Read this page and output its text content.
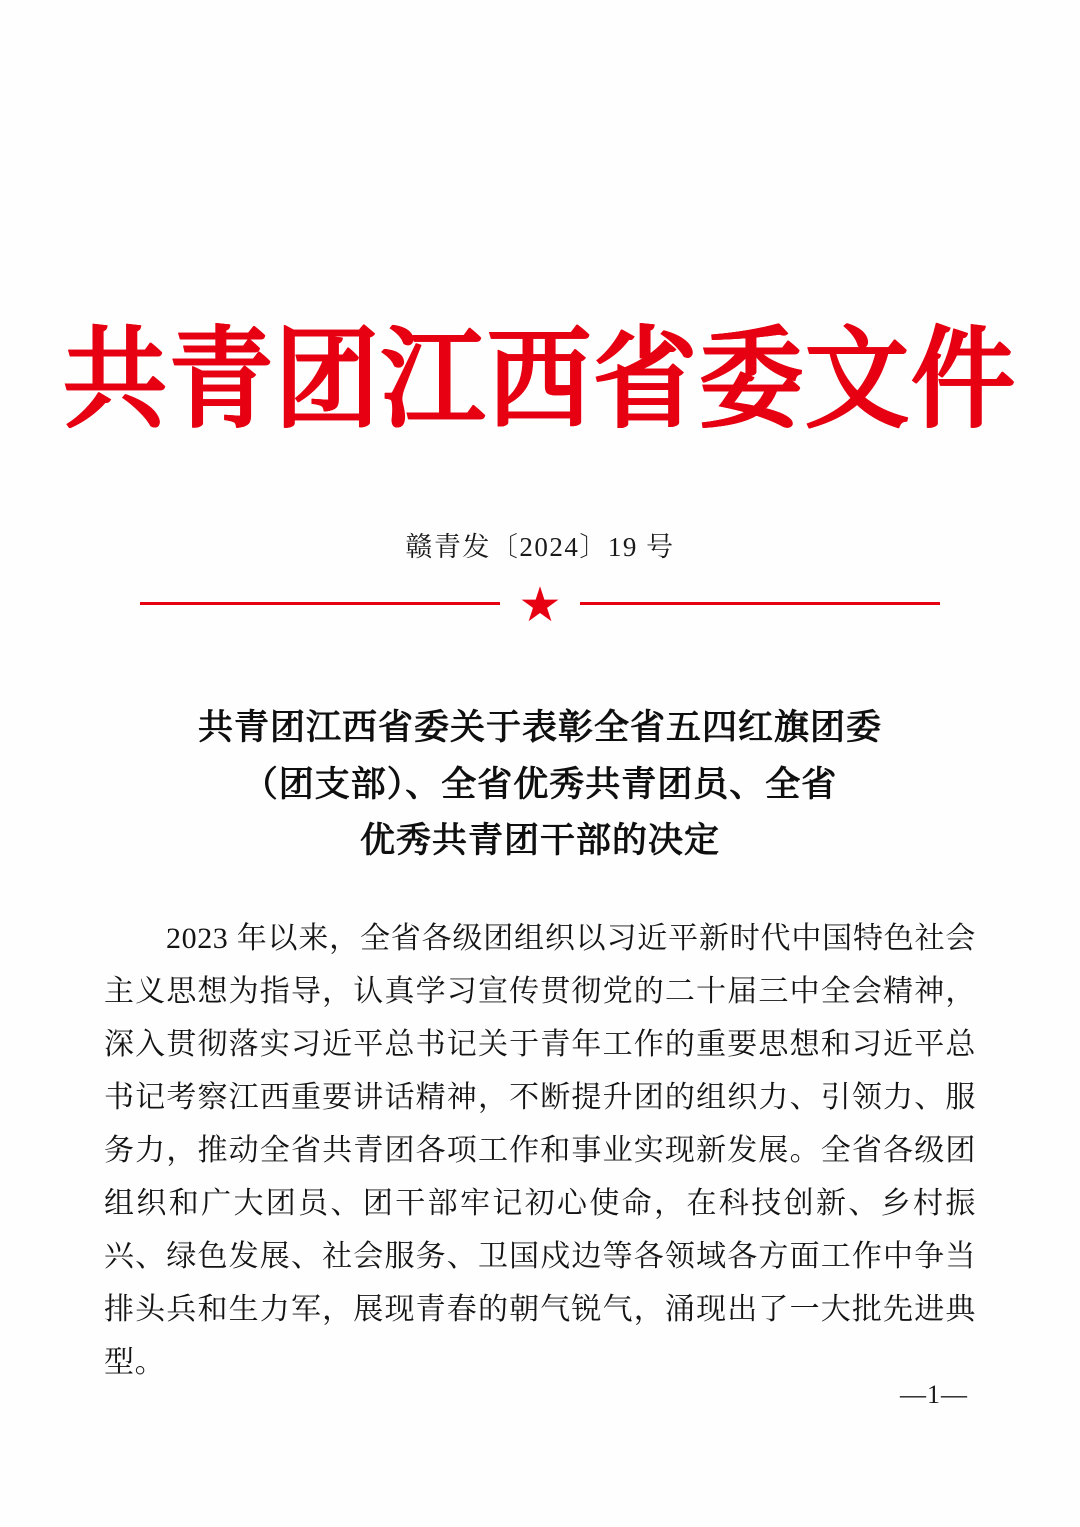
共青团江西省委文件
赣青发〔2024〕19 号
★
共青团江西省委关于表彰全省五四红旗团委
（团支部）、全省优秀共青团员、全省
优秀共青团干部的决定

2023 年以来，全省各级团组织以习近平新时代中国特色社会主义思想为指导，认真学习宣传贯彻党的二十届三中全会精神，深入贯彻落实习近平总书记关于青年工作的重要思想和习近平总书记考察江西重要讲话精神，不断提升团的组织力、引领力、服务力，推动全省共青团各项工作和事业实现新发展。全省各级团组织和广大团员、团干部牢记初心使命，在科技创新、乡村振兴、绿色发展、社会服务、卫国戍边等各领域各方面工作中争当排头兵和生力军，展现青春的朝气锐气，涌现出了一大批先进典型。

—1—
